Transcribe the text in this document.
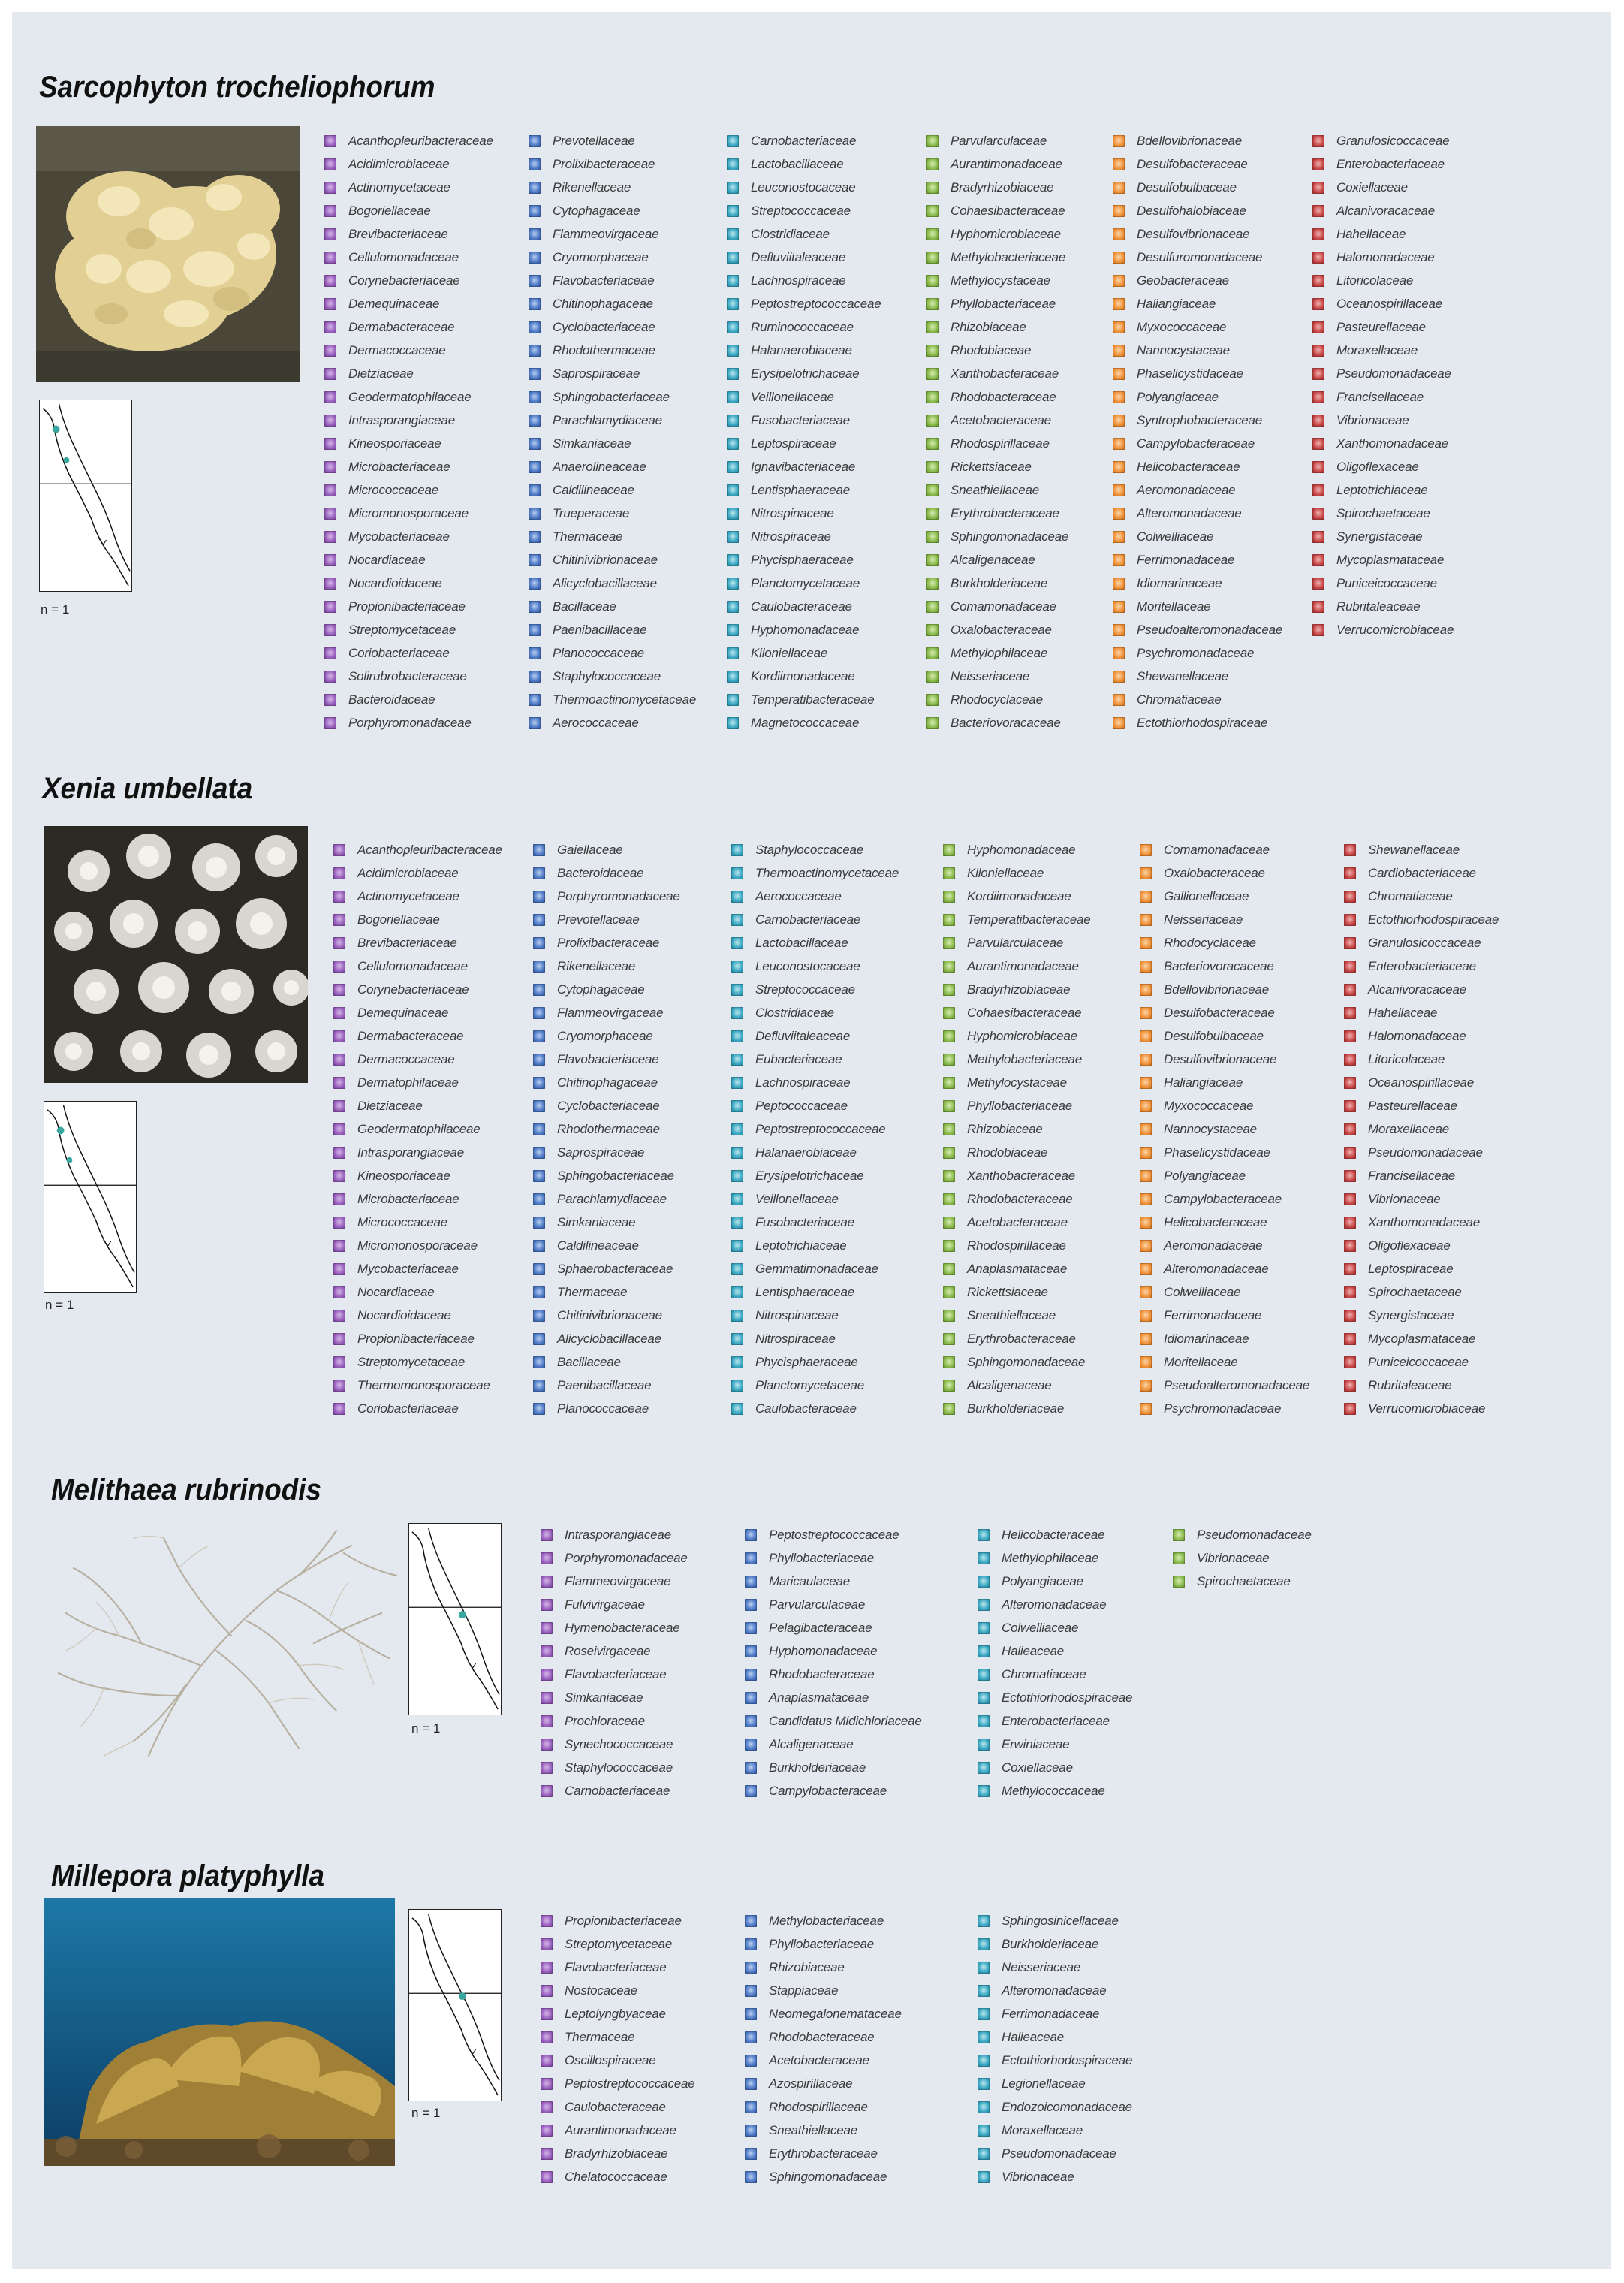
Sarcophyton trocheliophorum
n = 1
Acanthopleuribacteraceae
Acidimicrobiaceae
Actinomycetaceae
Bogoriellaceae
Brevibacteriaceae
Cellulomonadaceae
Corynebacteriaceae
Demequinaceae
Dermabacteraceae
Dermacoccaceae
Dietziaceae
Geodermatophilaceae
Intrasporangiaceae
Kineosporiaceae
Microbacteriaceae
Micrococcaceae
Micromonosporaceae
Mycobacteriaceae
Nocardiaceae
Nocardioidaceae
Propionibacteriaceae
Streptomycetaceae
Coriobacteriaceae
Solirubrobacteraceae
Bacteroidaceae
Porphyromonadaceae
Prevotellaceae
Prolixibacteraceae
Rikenellaceae
Cytophagaceae
Flammeovirgaceae
Cryomorphaceae
Flavobacteriaceae
Chitinophagaceae
Cyclobacteriaceae
Rhodothermaceae
Saprospiraceae
Sphingobacteriaceae
Parachlamydiaceae
Simkaniaceae
Anaerolineaceae
Caldilineaceae
Trueperaceae
Thermaceae
Chitinivibrionaceae
Alicyclobacillaceae
Bacillaceae
Paenibacillaceae
Planococcaceae
Staphylococcaceae
Thermoactinomycetaceae
Aerococcaceae
Carnobacteriaceae
Lactobacillaceae
Leuconostocaceae
Streptococcaceae
Clostridiaceae
Defluviitaleaceae
Lachnospiraceae
Peptostreptococcaceae
Ruminococcaceae
Halanaerobiaceae
Erysipelotrichaceae
Veillonellaceae
Fusobacteriaceae
Leptospiraceae
Ignavibacteriaceae
Lentisphaeraceae
Nitrospinaceae
Nitrospiraceae
Phycisphaeraceae
Planctomycetaceae
Caulobacteraceae
Hyphomonadaceae
Kiloniellaceae
Kordiimonadaceae
Temperatibacteraceae
Magnetococcaceae
Parvularculaceae
Aurantimonadaceae
Bradyrhizobiaceae
Cohaesibacteraceae
Hyphomicrobiaceae
Methylobacteriaceae
Methylocystaceae
Phyllobacteriaceae
Rhizobiaceae
Rhodobiaceae
Xanthobacteraceae
Rhodobacteraceae
Acetobacteraceae
Rhodospirillaceae
Rickettsiaceae
Sneathiellaceae
Erythrobacteraceae
Sphingomonadaceae
Alcaligenaceae
Burkholderiaceae
Comamonadaceae
Oxalobacteraceae
Methylophilaceae
Neisseriaceae
Rhodocyclaceae
Bacteriovoracaceae
Bdellovibrionaceae
Desulfobacteraceae
Desulfobulbaceae
Desulfohalobiaceae
Desulfovibrionaceae
Desulfuromonadaceae
Geobacteraceae
Haliangiaceae
Myxococcaceae
Nannocystaceae
Phaselicystidaceae
Polyangiaceae
Syntrophobacteraceae
Campylobacteraceae
Helicobacteraceae
Aeromonadaceae
Alteromonadaceae
Colwelliaceae
Ferrimonadaceae
Idiomarinaceae
Moritellaceae
Pseudoalteromonadaceae
Psychromonadaceae
Shewanellaceae
Chromatiaceae
Ectothiorhodospiraceae
Granulosicoccaceae
Enterobacteriaceae
Coxiellaceae
Alcanivoracaceae
Hahellaceae
Halomonadaceae
Litoricolaceae
Oceanospirillaceae
Pasteurellaceae
Moraxellaceae
Pseudomonadaceae
Francisellaceae
Vibrionaceae
Xanthomonadaceae
Oligoflexaceae
Leptotrichiaceae
Spirochaetaceae
Synergistaceae
Mycoplasmataceae
Puniceicoccaceae
Rubritaleaceae
Verrucomicrobiaceae
Xenia umbellata
n = 1
Acanthopleuribacteraceae
Acidimicrobiaceae
Actinomycetaceae
Bogoriellaceae
Brevibacteriaceae
Cellulomonadaceae
Corynebacteriaceae
Demequinaceae
Dermabacteraceae
Dermacoccaceae
Dermatophilaceae
Dietziaceae
Geodermatophilaceae
Intrasporangiaceae
Kineosporiaceae
Microbacteriaceae
Micrococcaceae
Micromonosporaceae
Mycobacteriaceae
Nocardiaceae
Nocardioidaceae
Propionibacteriaceae
Streptomycetaceae
Thermomonosporaceae
Coriobacteriaceae
Gaiellaceae
Bacteroidaceae
Porphyromonadaceae
Prevotellaceae
Prolixibacteraceae
Rikenellaceae
Cytophagaceae
Flammeovirgaceae
Cryomorphaceae
Flavobacteriaceae
Chitinophagaceae
Cyclobacteriaceae
Rhodothermaceae
Saprospiraceae
Sphingobacteriaceae
Parachlamydiaceae
Simkaniaceae
Caldilineaceae
Sphaerobacteraceae
Thermaceae
Chitinivibrionaceae
Alicyclobacillaceae
Bacillaceae
Paenibacillaceae
Planococcaceae
Staphylococcaceae
Thermoactinomycetaceae
Aerococcaceae
Carnobacteriaceae
Lactobacillaceae
Leuconostocaceae
Streptococcaceae
Clostridiaceae
Defluviitaleaceae
Eubacteriaceae
Lachnospiraceae
Peptococcaceae
Peptostreptococcaceae
Halanaerobiaceae
Erysipelotrichaceae
Veillonellaceae
Fusobacteriaceae
Leptotrichiaceae
Gemmatimonadaceae
Lentisphaeraceae
Nitrospinaceae
Nitrospiraceae
Phycisphaeraceae
Planctomycetaceae
Caulobacteraceae
Hyphomonadaceae
Kiloniellaceae
Kordiimonadaceae
Temperatibacteraceae
Parvularculaceae
Aurantimonadaceae
Bradyrhizobiaceae
Cohaesibacteraceae
Hyphomicrobiaceae
Methylobacteriaceae
Methylocystaceae
Phyllobacteriaceae
Rhizobiaceae
Rhodobiaceae
Xanthobacteraceae
Rhodobacteraceae
Acetobacteraceae
Rhodospirillaceae
Anaplasmataceae
Rickettsiaceae
Sneathiellaceae
Erythrobacteraceae
Sphingomonadaceae
Alcaligenaceae
Burkholderiaceae
Comamonadaceae
Oxalobacteraceae
Gallionellaceae
Neisseriaceae
Rhodocyclaceae
Bacteriovoracaceae
Bdellovibrionaceae
Desulfobacteraceae
Desulfobulbaceae
Desulfovibrionaceae
Haliangiaceae
Myxococcaceae
Nannocystaceae
Phaselicystidaceae
Polyangiaceae
Campylobacteraceae
Helicobacteraceae
Aeromonadaceae
Alteromonadaceae
Colwelliaceae
Ferrimonadaceae
Idiomarinaceae
Moritellaceae
Pseudoalteromonadaceae
Psychromonadaceae
Shewanellaceae
Cardiobacteriaceae
Chromatiaceae
Ectothiorhodospiraceae
Granulosicoccaceae
Enterobacteriaceae
Alcanivoracaceae
Hahellaceae
Halomonadaceae
Litoricolaceae
Oceanospirillaceae
Pasteurellaceae
Moraxellaceae
Pseudomonadaceae
Francisellaceae
Vibrionaceae
Xanthomonadaceae
Oligoflexaceae
Leptospiraceae
Spirochaetaceae
Synergistaceae
Mycoplasmataceae
Puniceicoccaceae
Rubritaleaceae
Verrucomicrobiaceae
Melithaea rubrinodis
n = 1
Intrasporangiaceae
Porphyromonadaceae
Flammeovirgaceae
Fulvivirgaceae
Hymenobacteraceae
Roseivirgaceae
Flavobacteriaceae
Simkaniaceae
Prochloraceae
Synechococcaceae
Staphylococcaceae
Carnobacteriaceae
Peptostreptococcaceae
Phyllobacteriaceae
Maricaulaceae
Parvularculaceae
Pelagibacteraceae
Hyphomonadaceae
Rhodobacteraceae
Anaplasmataceae
Candidatus Midichloriaceae
Alcaligenaceae
Burkholderiaceae
Campylobacteraceae
Helicobacteraceae
Methylophilaceae
Polyangiaceae
Alteromonadaceae
Colwelliaceae
Halieaceae
Chromatiaceae
Ectothiorhodospiraceae
Enterobacteriaceae
Erwiniaceae
Coxiellaceae
Methylococcaceae
Pseudomonadaceae
Vibrionaceae
Spirochaetaceae
Millepora platyphylla
n = 1
Propionibacteriaceae
Streptomycetaceae
Flavobacteriaceae
Nostocaceae
Leptolyngbyaceae
Thermaceae
Oscillospiraceae
Peptostreptococcaceae
Caulobacteraceae
Aurantimonadaceae
Bradyrhizobiaceae
Chelatococcaceae
Methylobacteriaceae
Phyllobacteriaceae
Rhizobiaceae
Stappiaceae
Neomegalonemataceae
Rhodobacteraceae
Acetobacteraceae
Azospirillaceae
Rhodospirillaceae
Sneathiellaceae
Erythrobacteraceae
Sphingomonadaceae
Sphingosinicellaceae
Burkholderiaceae
Neisseriaceae
Alteromonadaceae
Ferrimonadaceae
Halieaceae
Ectothiorhodospiraceae
Legionellaceae
Endozoicomonadaceae
Moraxellaceae
Pseudomonadaceae
Vibrionaceae
